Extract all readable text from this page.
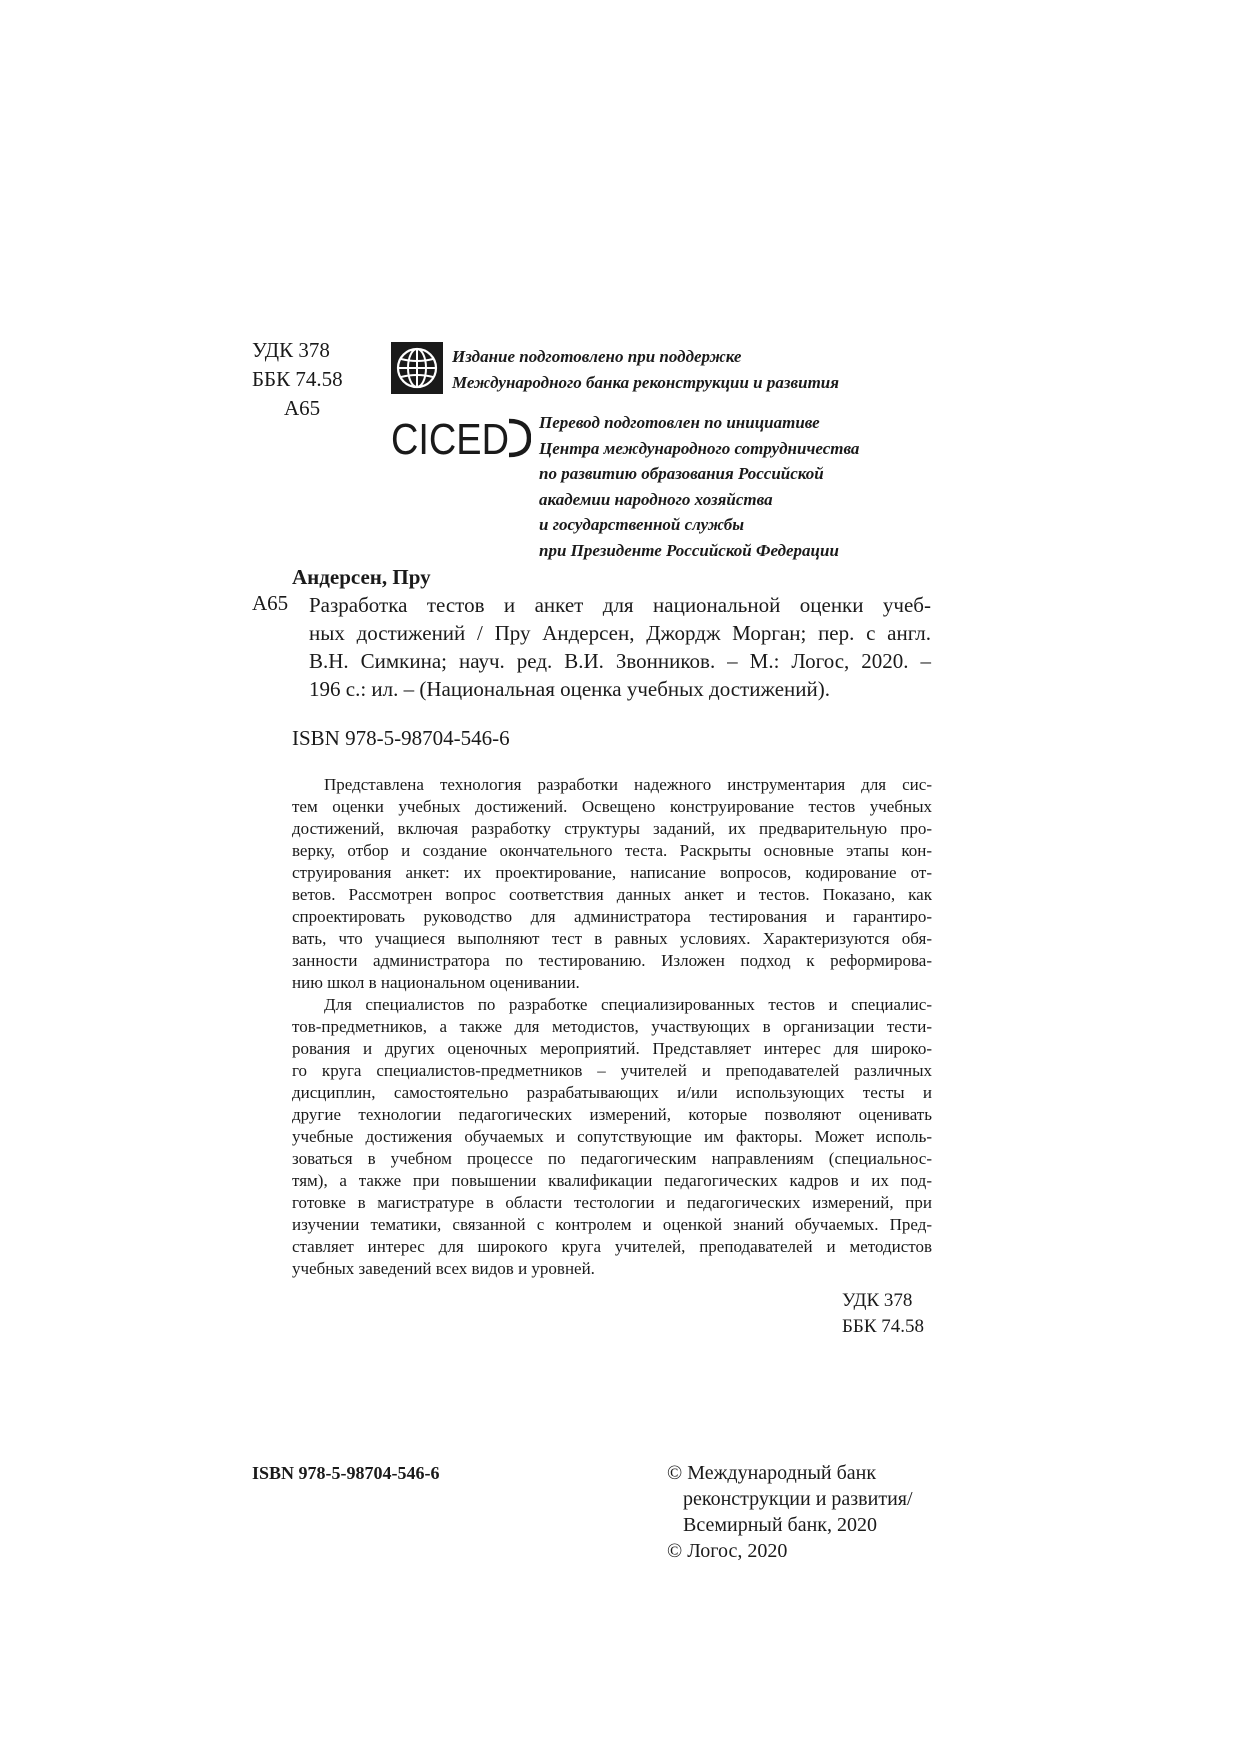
УДК 378
ББК 74.58
А65
Издание подготовлено при поддержке
Международного банка реконструкции и развития
CICED Перевод подготовлен по инициативе
Центра международного сотрудничества
по развитию образования Российской
академии народного хозяйства
и государственной службы
при Президенте Российской Федерации
Андерсен, Пру
А65 Разработка тестов и анкет для национальной оценки учеб-
ных достижений / Пру Андерсен, Джордж Морган; пер. с англ.
В.Н. Симкина; науч. ред. В.И. Звонников. – М.: Логос, 2020. –
196 с.: ил. – (Национальная оценка учебных достижений).
ISBN 978-5-98704-546-6
Представлена технология разработки надежного инструментария для сис-
тем оценки учебных достижений. Освещено конструирование тестов учебных
достижений, включая разработку структуры заданий, их предварительную про-
верку, отбор и создание окончательного теста. Раскрыты основные этапы кон-
струирования анкет: их проектирование, написание вопросов, кодирование от-
ветов. Рассмотрен вопрос соответствия данных анкет и тестов. Показано, как
спроектировать руководство для администратора тестирования и гарантиро-
вать, что учащиеся выполняют тест в равных условиях. Характеризуются обя-
занности администратора по тестированию. Изложен подход к реформирова-
нию школ в национальном оценивании.
Для специалистов по разработке специализированных тестов и специалис-
тов-предметников, а также для методистов, участвующих в организации тести-
рования и других оценочных мероприятий. Представляет интерес для широко-
го круга специалистов-предметников – учителей и преподавателей различных
дисциплин, самостоятельно разрабатывающих и/или использующих тесты и
другие технологии педагогических измерений, которые позволяют оценивать
учебные достижения обучаемых и сопутствующие им факторы. Может исполь-
зоваться в учебном процессе по педагогическим направлениям (специальнос-
тям), а также при повышении квалификации педагогических кадров и их под-
готовке в магистратуре в области тестологии и педагогических измерений, при
изучении тематики, связанной с контролем и оценкой знаний обучаемых. Пред-
ставляет интерес для широкого круга учителей, преподавателей и методистов
учебных заведений всех видов и уровней.
УДК 378
ББК 74.58
ISBN 978-5-98704-546-6	© Международный банк
реконструкции и развития/
Всемирный банк, 2020
© Логос, 2020
